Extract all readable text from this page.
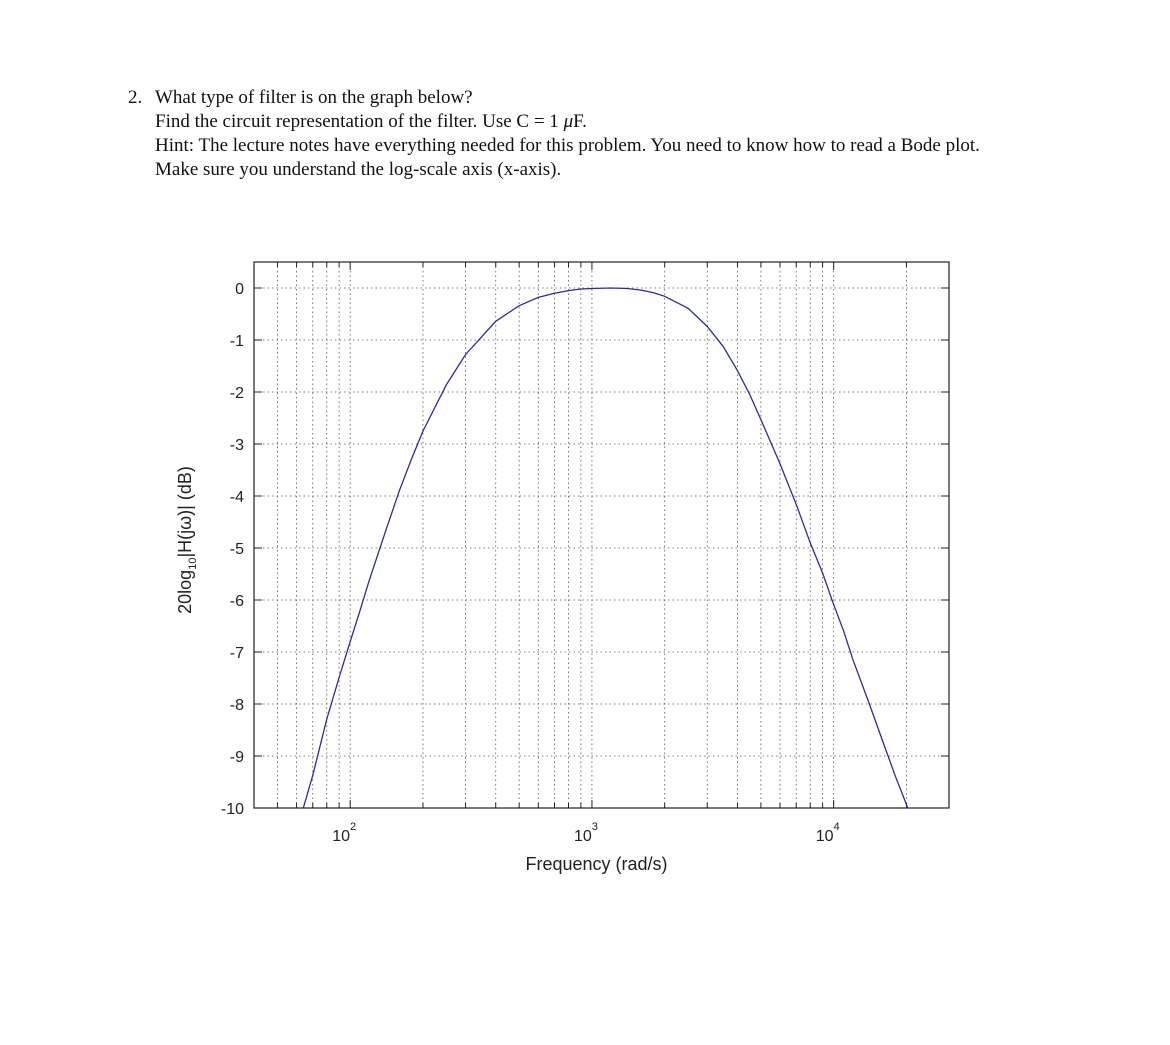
2. What type of filter is on the graph below?
Find the circuit representation of the filter. Use C = 1 μF.
Hint: The lecture notes have everything needed for this problem. You need to know how to read a Bode plot.
Make sure you understand the log-scale axis (x-axis).
0
-1
-2
-3
-4
-5
-6
-7
-8
-9
-10
$10^2$
$10^3$
$10^4$
Frequency (rad/s)
$20\log_{10}|H(j\omega)|$ (dB)
